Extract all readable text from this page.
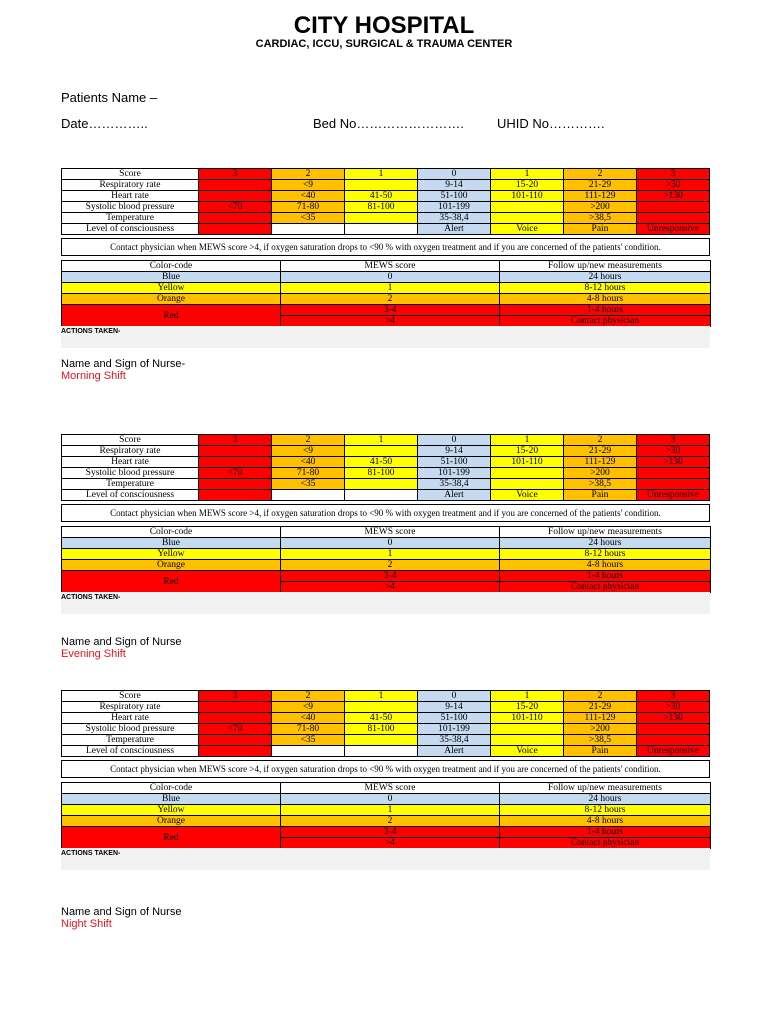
CITY HOSPITAL
CARDIAC, ICCU, SURGICAL & TRAUMA CENTER
Patients Name –
Date…………..	Bed No…………………….	UHID No………….
Score	3	2	1	0	1	2	3
Respiratory rate		<9		9-14	15-20	21-29	>30
Heart rate		<40	41-50	51-100	101-110	111-129	>130
Systolic blood pressure	<70	71-80	81-100	101-199		>200	
Temperature		<35		35-38,4		>38,5	
Level of consciousness				Alert	Voice	Pain	Unresponsive
Contact physician when MEWS score >4, if oxygen saturation drops to <90 % with oxygen treatment and if you are concerned of the patients' condition.
Color-code	MEWS score	Follow up/new measurements
Blue	0	24 hours
Yellow	1	8-12 hours
Orange	2	4-8 hours
Red	3-4	1-4 hours
	>4	Contact physician
ACTIONS TAKEN-
Name and Sign of Nurse-
Morning Shift
Score	3	2	1	0	1	2	3
Respiratory rate		<9		9-14	15-20	21-29	>30
Heart rate		<40	41-50	51-100	101-110	111-129	>130
Systolic blood pressure	<70	71-80	81-100	101-199		>200	
Temperature		<35		35-38,4		>38,5	
Level of consciousness				Alert	Voice	Pain	Unresponsive
Contact physician when MEWS score >4, if oxygen saturation drops to <90 % with oxygen treatment and if you are concerned of the patients' condition.
Color-code	MEWS score	Follow up/new measurements
Blue	0	24 hours
Yellow	1	8-12 hours
Orange	2	4-8 hours
Red	3-4	1-4 hours
	>4	Contact physician
ACTIONS TAKEN-
Name and Sign of Nurse
Evening Shift
Score	3	2	1	0	1	2	3
Respiratory rate		<9		9-14	15-20	21-29	>30
Heart rate		<40	41-50	51-100	101-110	111-129	>130
Systolic blood pressure	<70	71-80	81-100	101-199		>200	
Temperature		<35		35-38,4		>38,5	
Level of consciousness				Alert	Voice	Pain	Unresponsive
Contact physician when MEWS score >4, if oxygen saturation drops to <90 % with oxygen treatment and if you are concerned of the patients' condition.
Color-code	MEWS score	Follow up/new measurements
Blue	0	24 hours
Yellow	1	8-12 hours
Orange	2	4-8 hours
Red	3-4	1-4 hours
	>4	Contact physician
ACTIONS TAKEN-
Name and Sign of Nurse
Night Shift
